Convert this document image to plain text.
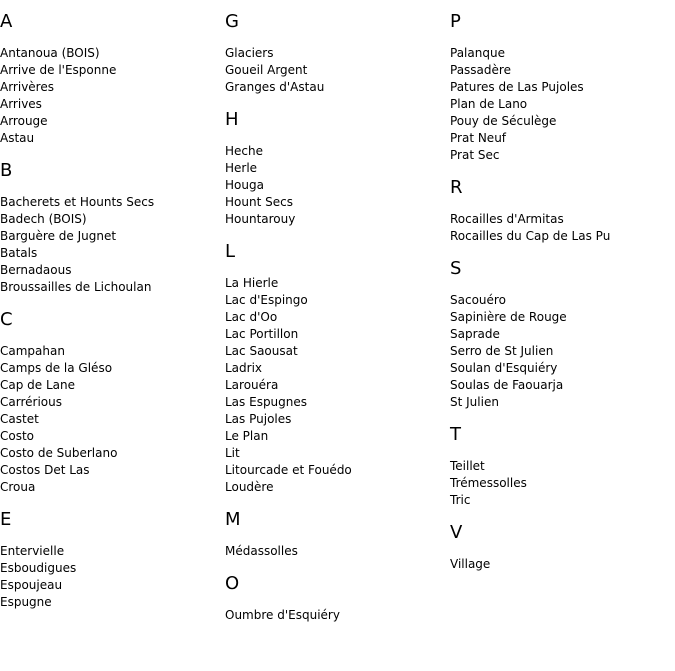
A
Antanoua (BOIS)
Arrive de l'Esponne
Arrivères
Arrives
Arrouge
Astau
B
Bacherets et Hounts Secs
Badech (BOIS)
Barguère de Jugnet
Batals
Bernadaous
Broussailles de Lichoulan
C
Campahan
Camps de la Gléso
Cap de Lane
Carrérious
Castet
Costo
Costo de Suberlano
Costos Det Las
Croua
E
Entervielle
Esboudigues
Espoujeau
Espugne
G
Glaciers
Goueil Argent
Granges d'Astau
H
Heche
Herle
Houga
Hount Secs
Hountarouy
L
La Hierle
Lac d'Espingo
Lac d'Oo
Lac Portillon
Lac Saousat
Ladrix
Larouéra
Las Espugnes
Las Pujoles
Le Plan
Lit
Litourcade et Fouédo
Loudère
M
Médassolles
O
Oumbre d'Esquiéry
P
Palanque
Passadère
Patures de Las Pujoles
Plan de Lano
Pouy de Séculège
Prat Neuf
Prat Sec
R
Rocailles d'Armitas
Rocailles du Cap de Las Pu
S
Sacouéro
Sapinière de Rouge
Saprade
Serro de St Julien
Soulan d'Esquiéry
Soulas de Faouarja
St Julien
T
Teillet
Trémessolles
Tric
V
Village
